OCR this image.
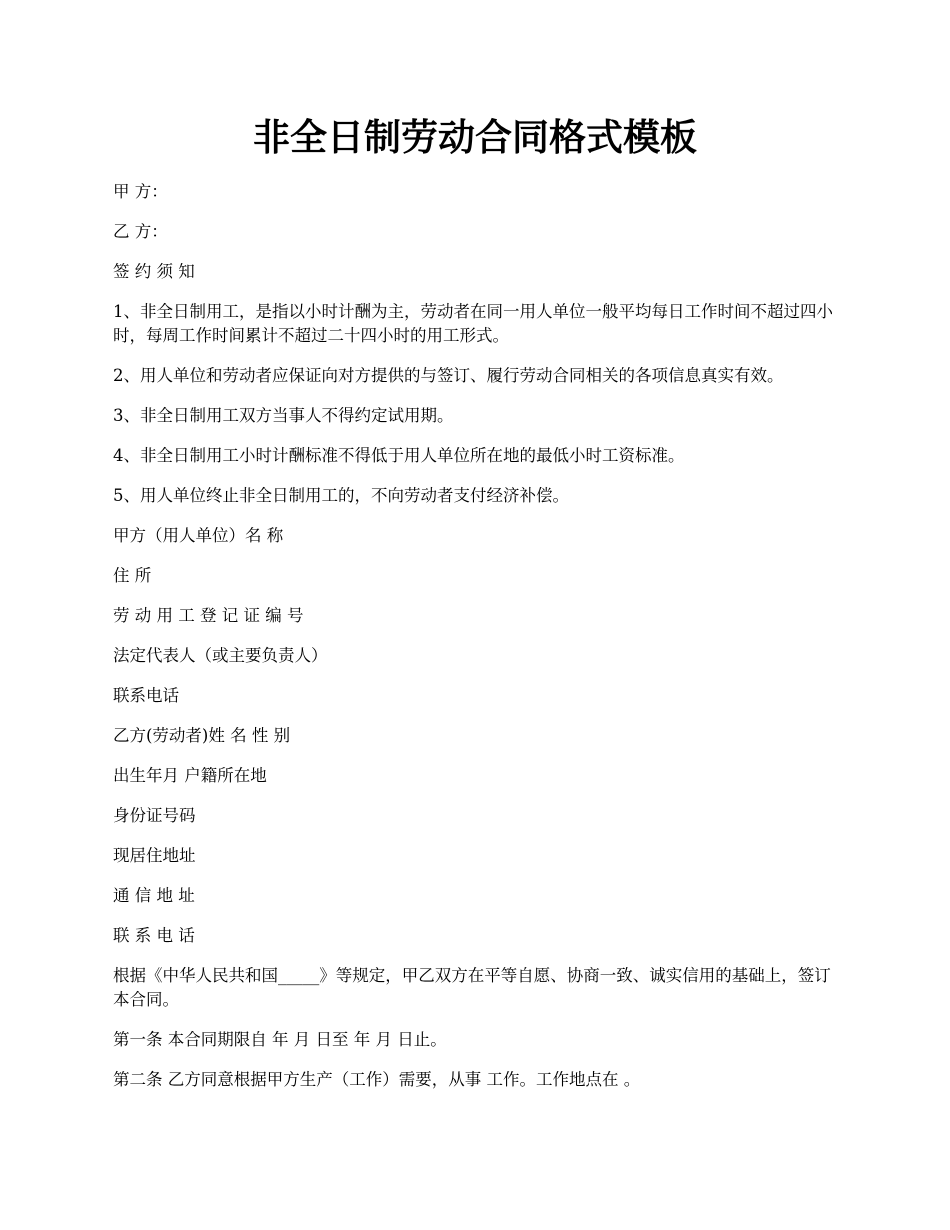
非全日制劳动合同格式模板

甲 方：

乙 方：

签 约 须 知

1、非全日制用工，是指以小时计酬为主，劳动者在同一用人单位一般平均每日工作时间不超过四小时，每周工作时间累计不超过二十四小时的用工形式。

2、用人单位和劳动者应保证向对方提供的与签订、履行劳动合同相关的各项信息真实有效。

3、非全日制用工双方当事人不得约定试用期。

4、非全日制用工小时计酬标准不得低于用人单位所在地的最低小时工资标准。

5、用人单位终止非全日制用工的，不向劳动者支付经济补偿。

甲方（用人单位）名 称

住 所

劳 动 用 工 登 记 证 编 号

法定代表人（或主要负责人）

联系电话

乙方(劳动者)姓 名 性 别

出生年月 户籍所在地

身份证号码

现居住地址

通 信 地 址

联 系 电 话

根据《中华人民共和国_____》等规定，甲乙双方在平等自愿、协商一致、诚实信用的基础上，签订本合同。

第一条 本合同期限自 年 月 日至 年 月 日止。

第二条 乙方同意根据甲方生产（工作）需要，从事 工作。工作地点在 。
